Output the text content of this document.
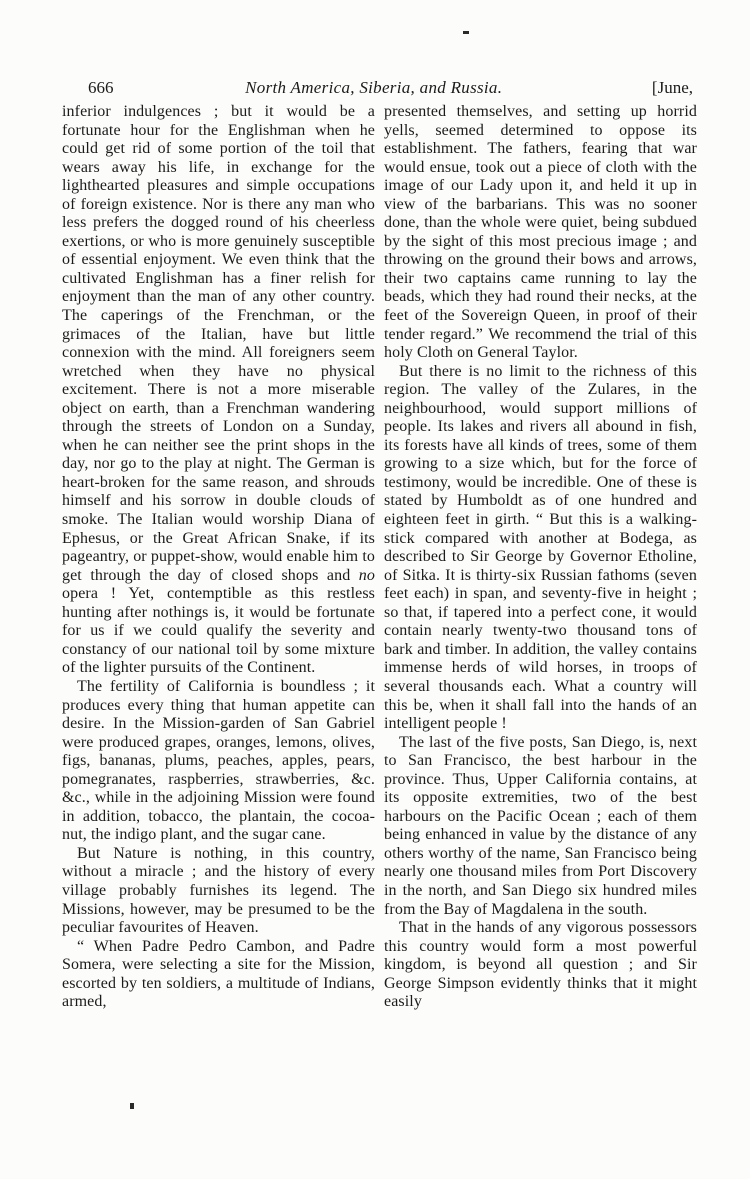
666	North America, Siberia, and Russia.	[June,

inferior indulgences ; but it would be a fortunate hour for the Englishman when he could get rid of some portion of the toil that wears away his life, in exchange for the lighthearted pleasures and simple occupations of foreign existence. Nor is there any man who less prefers the dogged round of his cheerless exertions, or who is more genuinely susceptible of essential enjoyment. We even think that the cultivated Englishman has a finer relish for enjoyment than the man of any other country. The caperings of the Frenchman, or the grimaces of the Italian, have but little connexion with the mind. All foreigners seem wretched when they have no physical excitement. There is not a more miserable object on earth, than a Frenchman wandering through the streets of London on a Sunday, when he can neither see the print shops in the day, nor go to the play at night. The German is heart-broken for the same reason, and shrouds himself and his sorrow in double clouds of smoke. The Italian would worship Diana of Ephesus, or the Great African Snake, if its pageantry, or puppet-show, would enable him to get through the day of closed shops and no opera ! Yet, contemptible as this restless hunting after nothings is, it would be fortunate for us if we could qualify the severity and constancy of our national toil by some mixture of the lighter pursuits of the Continent.

The fertility of California is boundless ; it produces every thing that human appetite can desire. In the Mission-garden of San Gabriel were produced grapes, oranges, lemons, olives, figs, bananas, plums, peaches, apples, pears, pomegranates, raspberries, strawberries, &c. &c., while in the adjoining Mission were found in addition, tobacco, the plantain, the cocoa-nut, the indigo plant, and the sugar cane.

But Nature is nothing, in this country, without a miracle ; and the history of every village probably furnishes its legend. The Missions, however, may be presumed to be the peculiar favourites of Heaven.

“ When Padre Pedro Cambon, and Padre Somera, were selecting a site for the Mission, escorted by ten soldiers, a multitude of Indians, armed,

presented themselves, and setting up horrid yells, seemed determined to oppose its establishment. The fathers, fearing that war would ensue, took out a piece of cloth with the image of our Lady upon it, and held it up in view of the barbarians. This was no sooner done, than the whole were quiet, being subdued by the sight of this most precious image ; and throwing on the ground their bows and arrows, their two captains came running to lay the beads, which they had round their necks, at the feet of the Sovereign Queen, in proof of their tender regard.” We recommend the trial of this holy Cloth on General Taylor.

But there is no limit to the richness of this region. The valley of the Zulares, in the neighbourhood, would support millions of people. Its lakes and rivers all abound in fish, its forests have all kinds of trees, some of them growing to a size which, but for the force of testimony, would be incredible. One of these is stated by Humboldt as of one hundred and eighteen feet in girth. “ But this is a walking-stick compared with another at Bodega, as described to Sir George by Governor Etholine, of Sitka. It is thirty-six Russian fathoms (seven feet each) in span, and seventy-five in height ; so that, if tapered into a perfect cone, it would contain nearly twenty-two thousand tons of bark and timber. In addition, the valley contains immense herds of wild horses, in troops of several thousands each. What a country will this be, when it shall fall into the hands of an intelligent people !

The last of the five posts, San Diego, is, next to San Francisco, the best harbour in the province. Thus, Upper California contains, at its opposite extremities, two of the best harbours on the Pacific Ocean ; each of them being enhanced in value by the distance of any others worthy of the name, San Francisco being nearly one thousand miles from Port Discovery in the north, and San Diego six hundred miles from the Bay of Magdalena in the south.

That in the hands of any vigorous possessors this country would form a most powerful kingdom, is beyond all question ; and Sir George Simpson evidently thinks that it might easily
